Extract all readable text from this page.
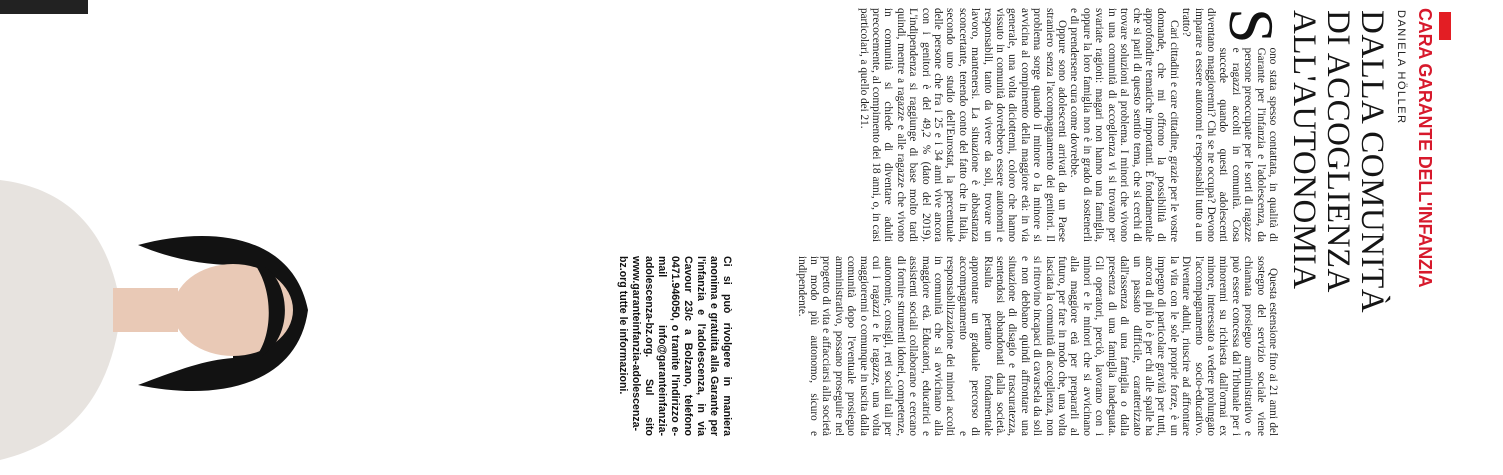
CARA GARANTE DELL'INFANZIA
DANIELA HÖLLER
DALLA COMUNITÀ
DI ACCOGLIENZA
ALL'AUTONOMIA
S

ono stata spesso contattata, in qualità di Garante per l'infanzia e l'adolescenza, da persone preoccupate per le sorti di ragazze e ragazzi accolti in comunità. Cosa succede quando questi adolescenti diventano maggiorenni? Chi se ne occupa? Devono imparare a essere autonomi e responsabili tutto a un tratto?

Cari cittadini e care cittadine, grazie per le vostre domande, che mi offrono la possibilità di approfondire tematiche importanti. È fondamentale che si parli di questo sentito tema, che si cerchi di trovare soluzioni al problema. I minori che vivono in una comunità di accoglienza vi si trovano per svariate ragioni: magari non hanno una famiglia, oppure la loro famiglia non è in grado di sostenerli e di prendersene cura come dovrebbe.

Oppure sono adolescenti arrivati da un Paese straniero senza l'accompagnamento dei genitori. Il problema sorge quando il minore o la minore si avvicina al compimento della maggiore età: in via generale, una volta diciottenni, coloro che hanno vissuto in comunità dovrebbero essere autonomi e responsabili, tanto da vivere da soli, trovare un lavoro, mantenersi. La situazione è abbastanza sconcertante, tenendo conto del fatto che in Italia, secondo uno studio dell'Eurostat, la percentuale delle persone che fra i 25 e i 34 anni vive ancora con i genitori è del 49,2 % (dato del 2019). L'indipendenza si raggiunge di base molto tardi quindi, mentre a ragazze e alle ragazze che vivono in comunità si chiede di diventare adulti precocemente, al compimento dei 18 anni, o, in casi particolari, a quello dei 21.

Questa estensione fino ai 21 anni del sostegno del servizio sociale viene chiamata prosieguo amministrativo e può essere concessa dal Tribunale per i minorenni su richiesta dall'ormai ex minore, interessato a vedere prolungato l'accompagnamento socio-educativo. Diventare adulti, riuscire ad affrontare la vita con le sole proprie forze, è un impegno di particolare gravità per tutti, ancora di più lo è per chi alle spalle ha un passato difficile, caratterizzato dall'assenza di una famiglia o dalla presenza di una famiglia inadeguata. Gli operatori, perciò, lavorano con i minori e le minori che si avvicinano alla maggiore età per prepararli al futuro, per fare in modo che, una volta lasciata la comunità di accoglienza, non si ritrovino incapaci di cavarsela da soli e non debbano quindi affrontare una situazione di disagio e trascuratezza, sentendosi abbandonati dalla società. Risulta pertanto fondamentale approntare un graduale percorso di accompagnamento e responsabilizzazione dei minori accolti in comunità che si avvicinano alla maggiore età. Educatori, educatrici e assistenti sociali collaborano e cercano di fornire strumenti idonei, competenze, autonomie, consigli, reti sociali tali per cui i ragazzi e le ragazze, una volta maggiorenni o comunque in uscita dalla comunità dopo l'eventuale prosieguo amministrativo, possano proseguire nel progetto di vita e affacciarsi alla società in modo più autonomo, sicuro e indipendente.

Ci si può rivolgere in maniera anonima e gratuita alla Garante per l'infanzia e l'adolescenza, in via Cavour 23/c a Bolzano, telefono 0471.946050, o tramite l'indirizzo e-mail info@garanteinfanzia-adolescenza-bz.org. Sul sito www.garanteinfanzia-adolescenza-bz.org tutte le informazioni.
